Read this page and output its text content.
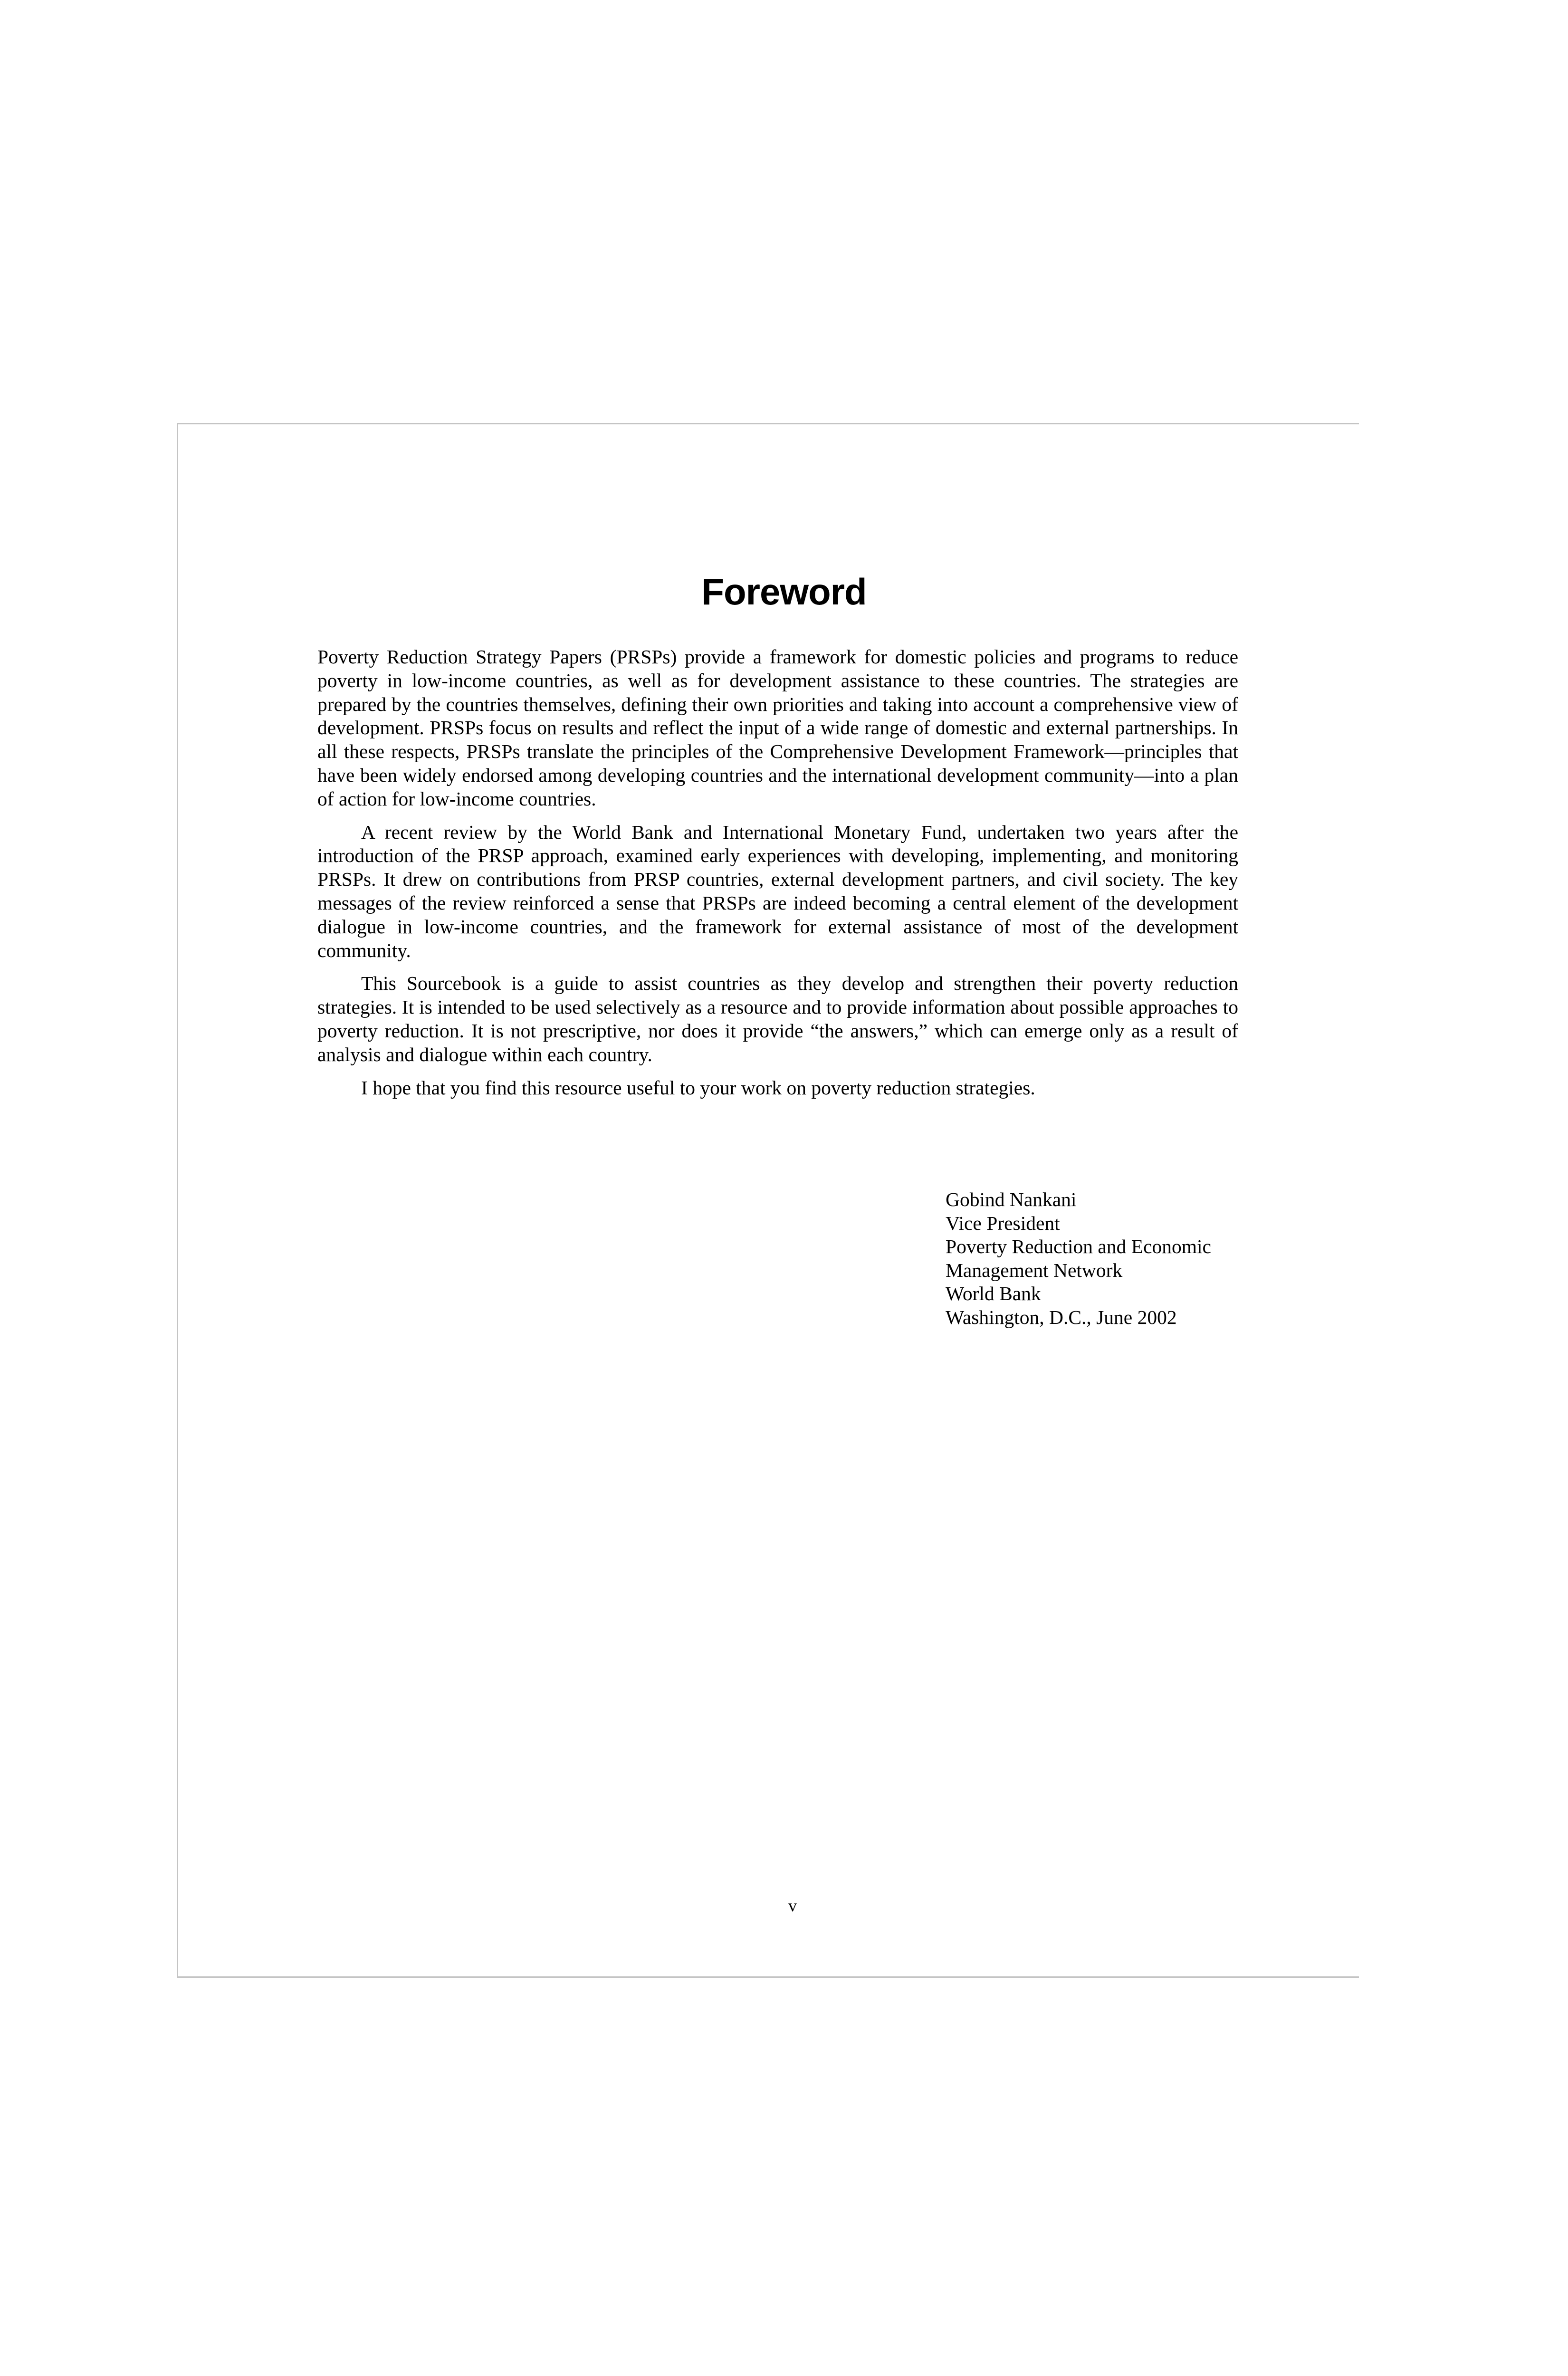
Foreword

Poverty Reduction Strategy Papers (PRSPs) provide a framework for domestic policies and programs to reduce poverty in low-income countries, as well as for development assistance to these countries. The strategies are prepared by the countries themselves, defining their own priorities and taking into account a comprehensive view of development. PRSPs focus on results and reflect the input of a wide range of domestic and external partnerships. In all these respects, PRSPs translate the principles of the Comprehensive Development Framework—principles that have been widely endorsed among developing countries and the international development community—into a plan of action for low-income countries.

A recent review by the World Bank and International Monetary Fund, undertaken two years after the introduction of the PRSP approach, examined early experiences with developing, implementing, and monitoring PRSPs. It drew on contributions from PRSP countries, external development partners, and civil society. The key messages of the review reinforced a sense that PRSPs are indeed becoming a central element of the development dialogue in low-income countries, and the framework for external assistance of most of the development community.

This Sourcebook is a guide to assist countries as they develop and strengthen their poverty reduction strategies. It is intended to be used selectively as a resource and to provide information about possible approaches to poverty reduction. It is not prescriptive, nor does it provide “the answers,” which can emerge only as a result of analysis and dialogue within each country.

I hope that you find this resource useful to your work on poverty reduction strategies.

Gobind Nankani
Vice President
Poverty Reduction and Economic
Management Network
World Bank
Washington, D.C., June 2002
v
